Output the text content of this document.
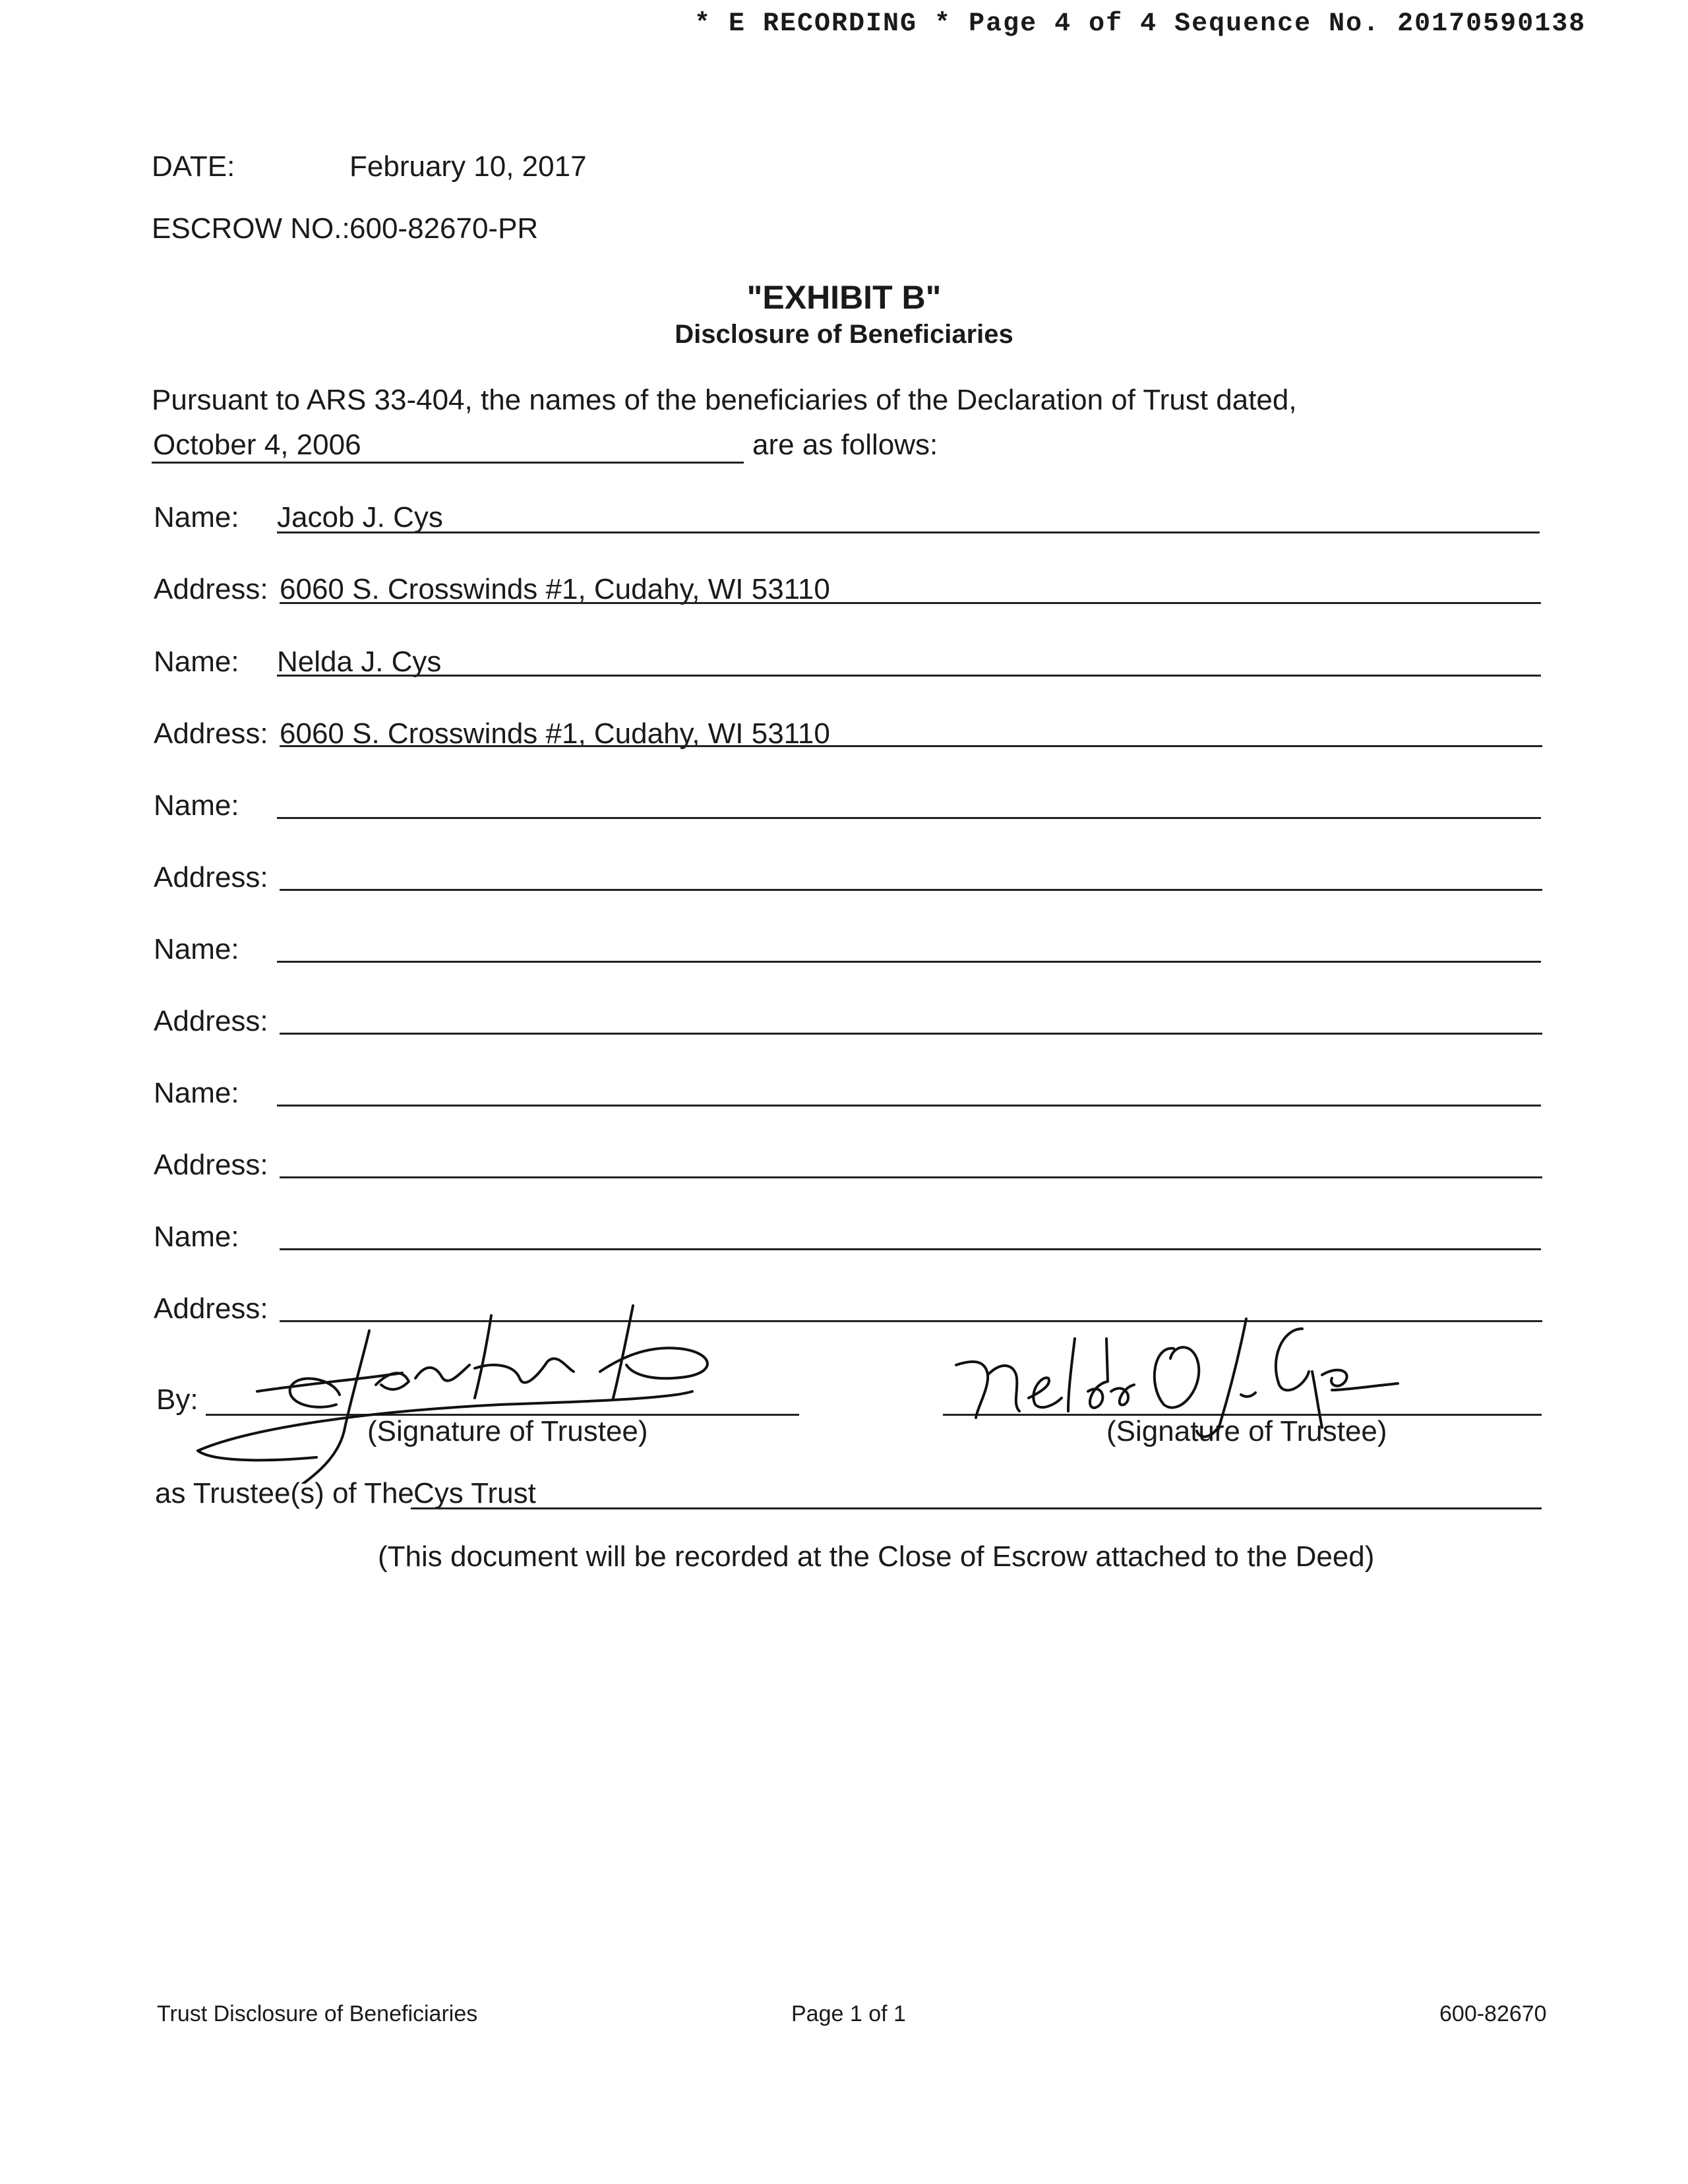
* E RECORDING * Page 4 of 4 Sequence No. 20170590138
DATE:	February 10, 2017
ESCROW NO.: 600-82670-PR
"EXHIBIT B"
Disclosure of Beneficiaries
Pursuant to ARS 33-404, the names of the beneficiaries of the Declaration of Trust dated,
October 4, 2006	are as follows:
Name: Jacob J. Cys
Address: 6060 S. Crosswinds #1, Cudahy, WI 53110
Name: Nelda J. Cys
Address: 6060 S. Crosswinds #1, Cudahy, WI 53110
Name:
Address:
Name:
Address:
Name:
Address:
Name:
Address:
By:
(Signature of Trustee)	(Signature of Trustee)
as Trustee(s) of The Cys Trust
(This document will be recorded at the Close of Escrow attached to the Deed)
Trust Disclosure of Beneficiaries	Page 1 of 1	600-82670
